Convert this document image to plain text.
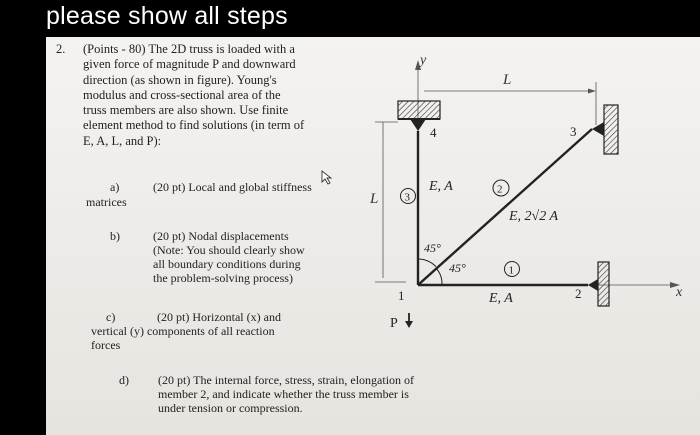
please show all steps
2. (Points - 80) The 2D truss is loaded with a
given force of magnitude P and downward
direction (as shown in figure). Young's
modulus and cross-sectional area of the
truss members are also shown. Use finite
element method to find solutions (in term of
E, A, L, and P):
a)	(20 pt) Local and global stiffness
matrices
b)	(20 pt) Nodal displacements
(Note: You should clearly show
all boundary conditions during
the problem-solving process)
c)	(20 pt) Horizontal (x) and
vertical (y) components of all reaction
forces
d) (20 pt) The internal force, stress, strain, elongation of
member 2, and indicate whether the truss member is
under tension or compression.
y
x
L
L
4	3
2
3
E, A	2
E, 2√2 A
1
E, A
45°
45°
1
P
